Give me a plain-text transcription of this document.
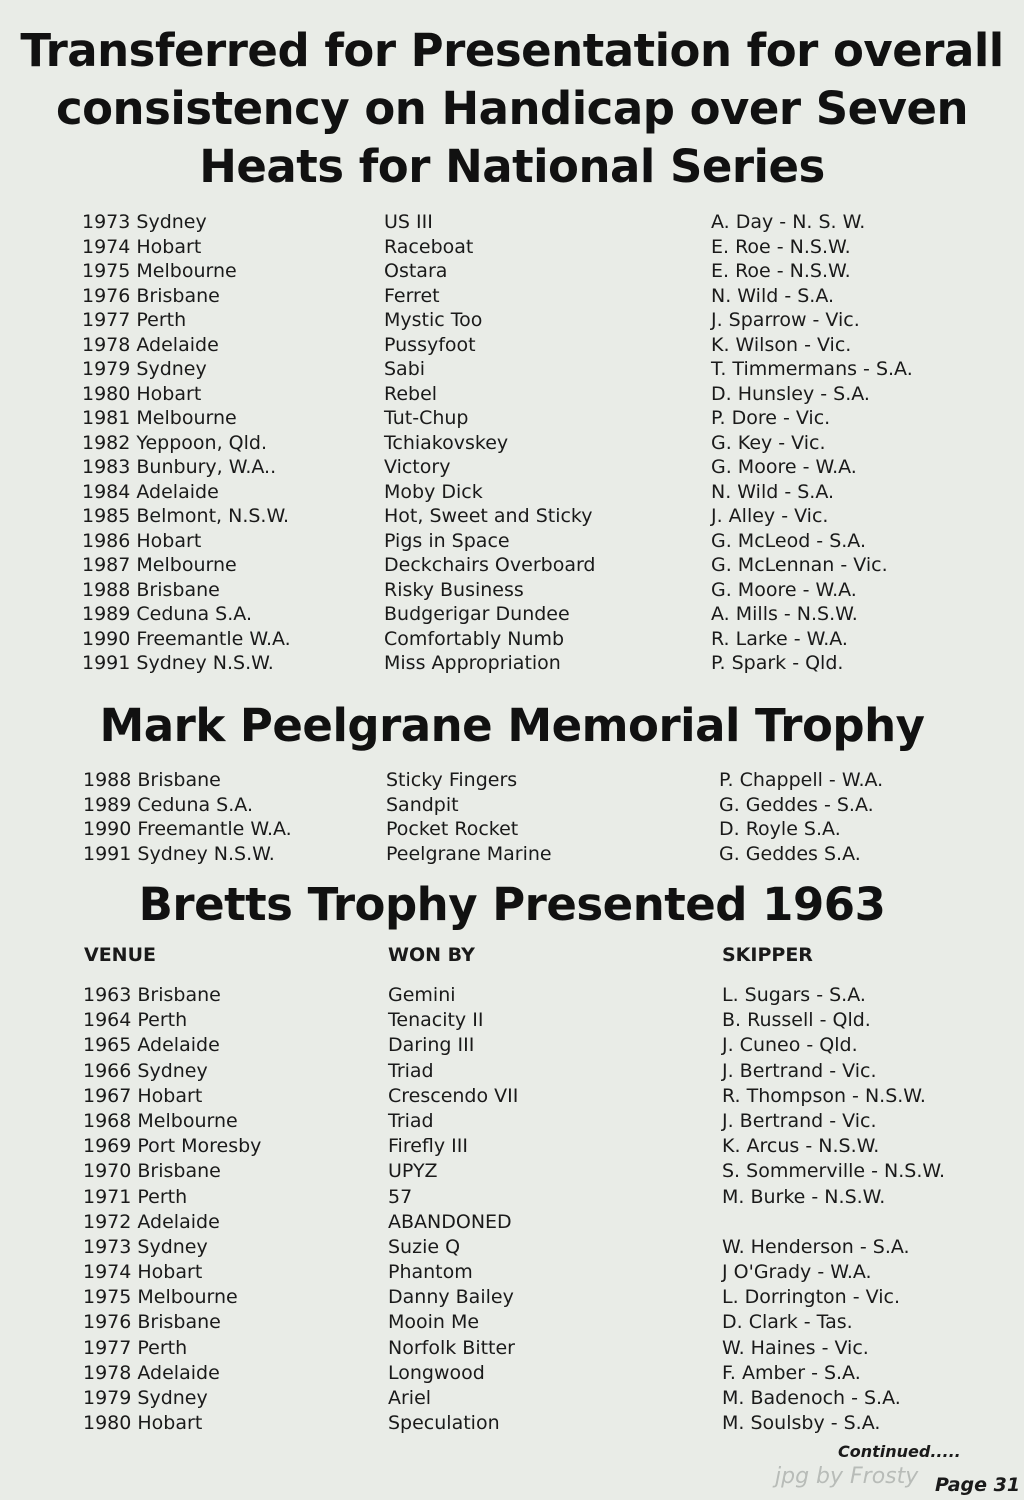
Transferred for Presentation for overall consistency on Handicap over Seven Heats for National Series
1973 Sydney	US III	A. Day - N. S. W.
1974 Hobart	Raceboat	E. Roe - N.S.W.
1975 Melbourne	Ostara	E. Roe - N.S.W.
1976 Brisbane	Ferret	N. Wild - S.A.
1977 Perth	Mystic Too	J. Sparrow - Vic.
1978 Adelaide	Pussyfoot	K. Wilson - Vic.
1979 Sydney	Sabi	T. Timmermans - S.A.
1980 Hobart	Rebel	D. Hunsley - S.A.
1981 Melbourne	Tut-Chup	P. Dore - Vic.
1982 Yeppoon, Qld.	Tchiakovskey	G. Key - Vic.
1983 Bunbury, W.A..	Victory	G. Moore - W.A.
1984 Adelaide	Moby Dick	N. Wild - S.A.
1985 Belmont, N.S.W.	Hot, Sweet and Sticky	J. Alley - Vic.
1986 Hobart	Pigs in Space	G. McLeod - S.A.
1987 Melbourne	Deckchairs Overboard	G. McLennan - Vic.
1988 Brisbane	Risky Business	G. Moore - W.A.
1989 Ceduna S.A.	Budgerigar Dundee	A. Mills - N.S.W.
1990 Freemantle W.A.	Comfortably Numb	R. Larke - W.A.
1991 Sydney N.S.W.	Miss Appropriation	P. Spark - Qld.
Mark Peelgrane Memorial Trophy
1988 Brisbane	Sticky Fingers	P. Chappell - W.A.
1989 Ceduna S.A.	Sandpit	G. Geddes - S.A.
1990 Freemantle W.A.	Pocket Rocket	D. Royle S.A.
1991 Sydney N.S.W.	Peelgrane Marine	G. Geddes S.A.
Bretts Trophy Presented 1963
VENUE	WON BY	SKIPPER
1963 Brisbane	Gemini	L. Sugars - S.A.
1964 Perth	Tenacity II	B. Russell - Qld.
1965 Adelaide	Daring III	J. Cuneo - Qld.
1966 Sydney	Triad	J. Bertrand - Vic.
1967 Hobart	Crescendo VII	R. Thompson - N.S.W.
1968 Melbourne	Triad	J. Bertrand - Vic.
1969 Port Moresby	Firefly III	K. Arcus - N.S.W.
1970 Brisbane	UPYZ	S. Sommerville - N.S.W.
1971 Perth	57	M. Burke - N.S.W.
1972 Adelaide	ABANDONED
1973 Sydney	Suzie Q	W. Henderson - S.A.
1974 Hobart	Phantom	J O'Grady - W.A.
1975 Melbourne	Danny Bailey	L. Dorrington - Vic.
1976 Brisbane	Mooin Me	D. Clark - Tas.
1977 Perth	Norfolk Bitter	W. Haines - Vic.
1978 Adelaide	Longwood	F. Amber - S.A.
1979 Sydney	Ariel	M. Badenoch - S.A.
1980 Hobart	Speculation	M. Soulsby - S.A.
Continued.....
jpg by Frosty Page 31
